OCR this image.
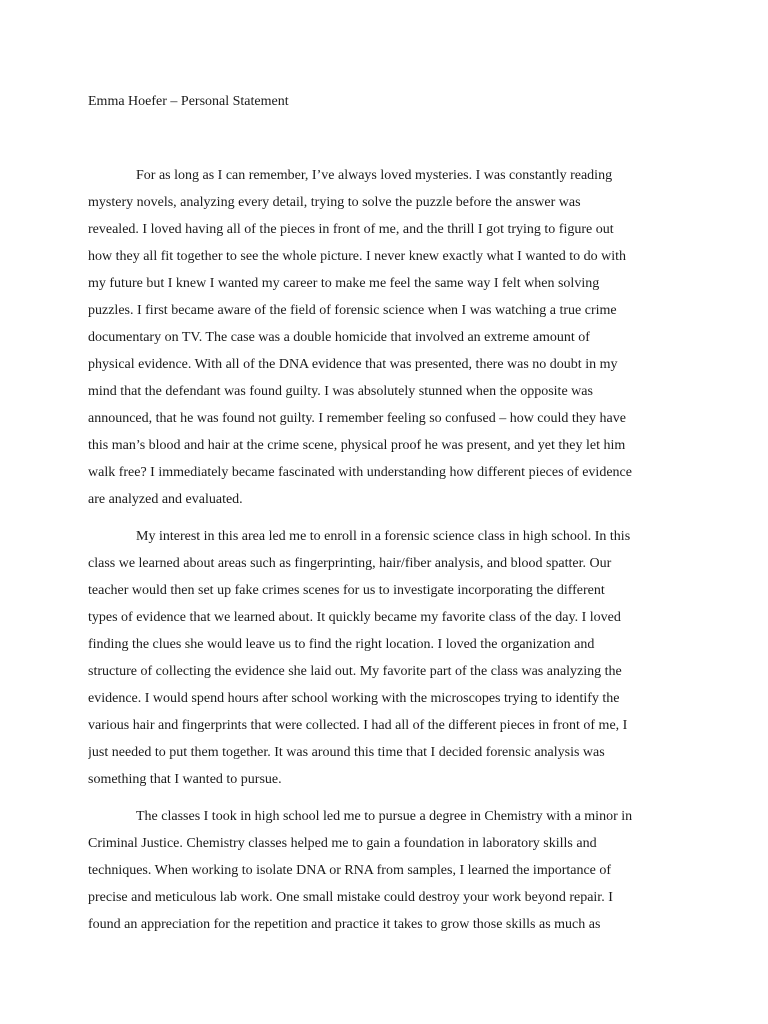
Emma Hoefer – Personal Statement
For as long as I can remember, I’ve always loved mysteries. I was constantly reading
mystery novels, analyzing every detail, trying to solve the puzzle before the answer was
revealed. I loved having all of the pieces in front of me, and the thrill I got trying to figure out
how they all fit together to see the whole picture. I never knew exactly what I wanted to do with
my future but I knew I wanted my career to make me feel the same way I felt when solving
puzzles. I first became aware of the field of forensic science when I was watching a true crime
documentary on TV. The case was a double homicide that involved an extreme amount of
physical evidence. With all of the DNA evidence that was presented, there was no doubt in my
mind that the defendant was found guilty. I was absolutely stunned when the opposite was
announced, that he was found not guilty. I remember feeling so confused – how could they have
this man’s blood and hair at the crime scene, physical proof he was present, and yet they let him
walk free? I immediately became fascinated with understanding how different pieces of evidence
are analyzed and evaluated.
My interest in this area led me to enroll in a forensic science class in high school. In this
class we learned about areas such as fingerprinting, hair/fiber analysis, and blood spatter. Our
teacher would then set up fake crimes scenes for us to investigate incorporating the different
types of evidence that we learned about. It quickly became my favorite class of the day. I loved
finding the clues she would leave us to find the right location. I loved the organization and
structure of collecting the evidence she laid out. My favorite part of the class was analyzing the
evidence. I would spend hours after school working with the microscopes trying to identify the
various hair and fingerprints that were collected. I had all of the different pieces in front of me, I
just needed to put them together. It was around this time that I decided forensic analysis was
something that I wanted to pursue.
The classes I took in high school led me to pursue a degree in Chemistry with a minor in
Criminal Justice. Chemistry classes helped me to gain a foundation in laboratory skills and
techniques. When working to isolate DNA or RNA from samples, I learned the importance of
precise and meticulous lab work. One small mistake could destroy your work beyond repair. I
found an appreciation for the repetition and practice it takes to grow those skills as much as
